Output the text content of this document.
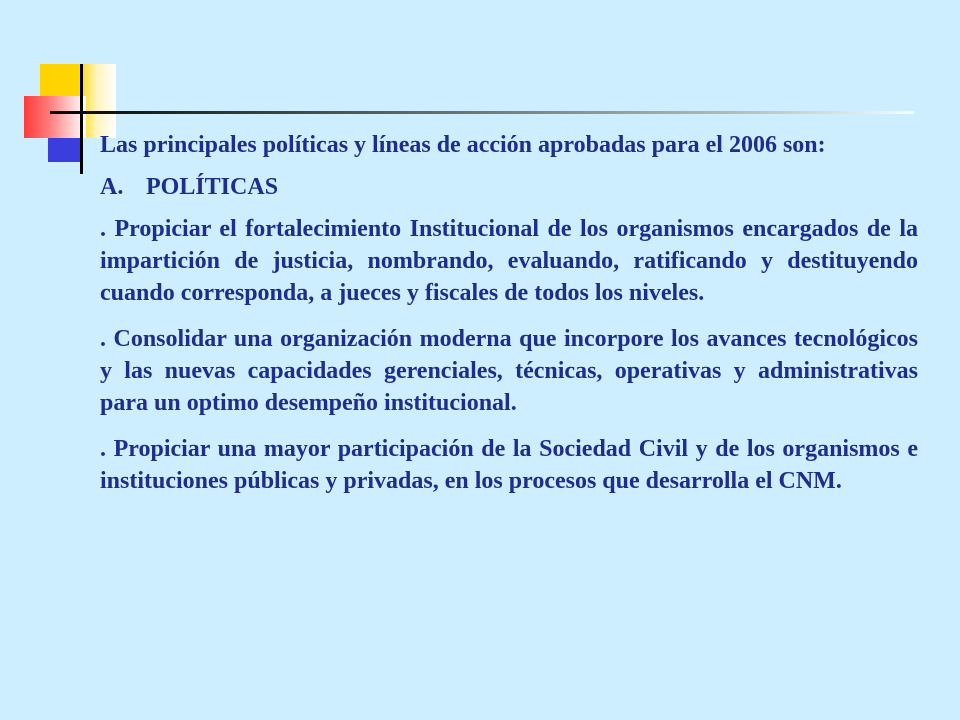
Las principales políticas y líneas de acción aprobadas para el 2006 son:

A. POLÍTICAS

. Propiciar el fortalecimiento Institucional de los organismos encargados de la impartición de justicia, nombrando, evaluando, ratificando y destituyendo cuando corresponda, a jueces y fiscales de todos los niveles.

. Consolidar una organización moderna que incorpore los avances tecnológicos y las nuevas capacidades gerenciales, técnicas, operativas y administrativas para un optimo desempeño institucional.

. Propiciar una mayor participación de la Sociedad Civil y de los organismos e instituciones públicas y privadas, en los procesos que desarrolla el CNM.
